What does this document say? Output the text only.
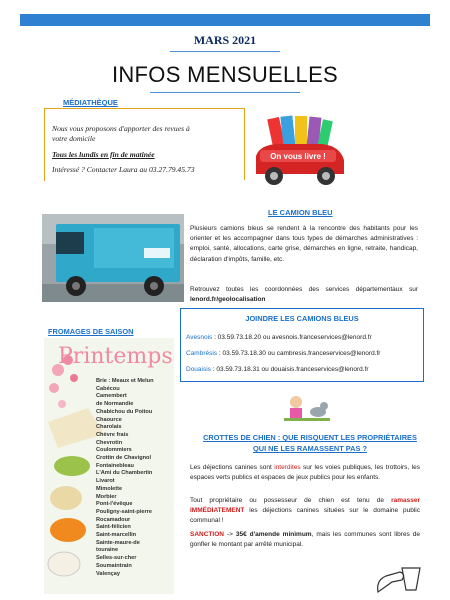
MARS 2021
INFOS MENSUELLES
MÉDIATHÈQUE
Nous vous proposons d'apporter des revues à
votre domicile
Tous les lundis en fin de matinée
Intéressé ? Contacter Laura au 03.27.79.45.73
On vous livre !
LE CAMION BLEU
Plusieurs camions bleus se rendent à la rencontre des habitants pour les orienter et les accompagner dans tous types de démarches administratives : emploi, santé, allocations, carte grise, démarches en ligne, retraite, handicap, déclaration d'impôts, famille, etc.
Retrouvez toutes les coordonnées des services départementaux sur lenord.fr/geolocalisation
JOINDRE LES CAMIONS BLEUS
Avesnois : 03.59.73.18.20 ou avesnois.franceservices@lenord.fr
Cambrésis : 03.59.73.18.30 ou cambresis.franceservices@lenord.fr
Douaisis : 03.59.73.18.31 ou douaisis.franceservices@lenord.fr
FROMAGES DE SAISON
Printemps
Brie : Meaux et Melun
Cabécou
Camembert
de Normandie
Chabichou du Poitou
Chaource
Charolais
Chèvre frais
Chevrotin
Coulommiers
Crottin de Chavignol
Fontainebleau
L'Ami du Chambertin
Livarot
Mimolette
Morbier
Pont-l'évêque
Pouligny-saint-pierre
Rocamadour
Saint-félicien
Saint-marcellin
Sainte-maure-de
touraine
Selles-sur-cher
Soumaintrain
Valençay
CROTTES DE CHIEN : QUE RISQUENT LES PROPRIÉTAIRES
QUI NE LES RAMASSENT PAS ?
Les déjections canines sont interdites sur les voies publiques, les trottoirs, les espaces verts publics et espaces de jeux publics pour les enfants.
Tout propriétaire ou possesseur de chien est tenu de ramasser IMMÉDIATEMENT les déjections canines situées sur le domaine public communal !
SANCTION -> 35€ d'amende minimum, mais les communes sont libres de gonfler le montant par arrêté municipal.
